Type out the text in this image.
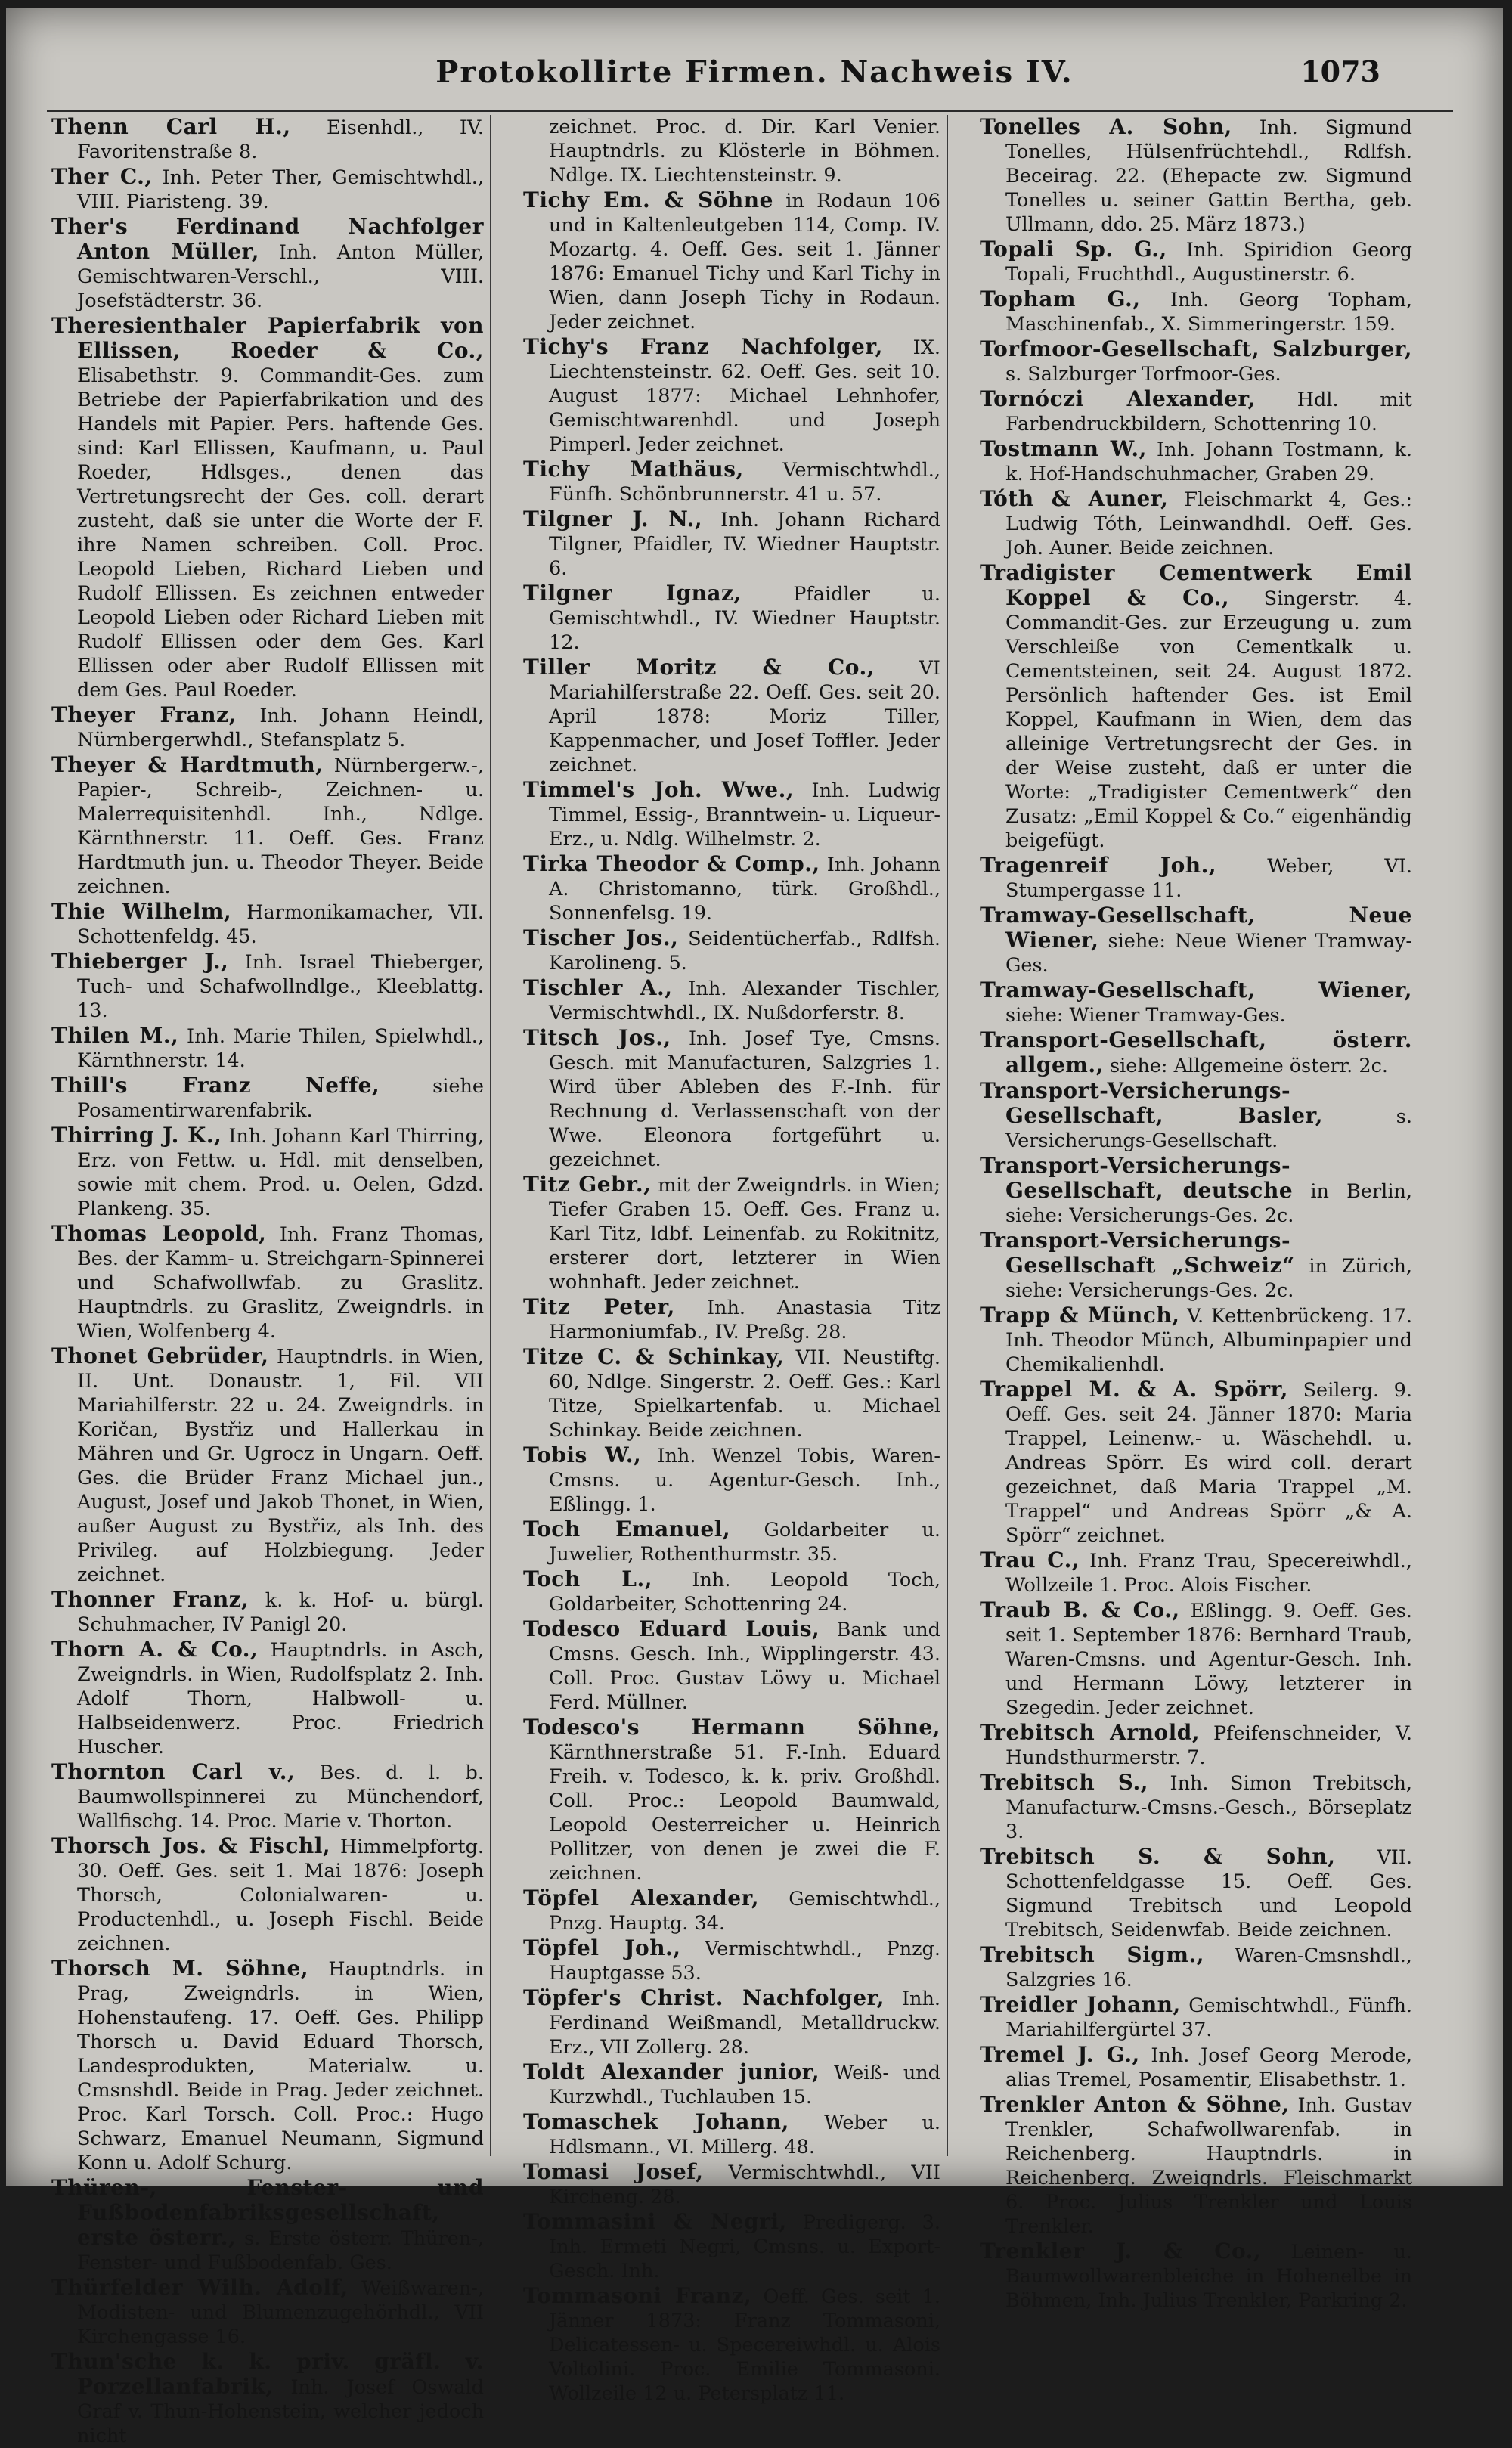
Protokollirte Firmen. Nachweis IV.	1073

Thenn Carl H., Eisenhdl., IV. Favoritenstraße 8.

Ther C., Inh. Peter Ther, Gemischtwhdl., VIII. Piaristeng. 39.

Ther's Ferdinand Nachfolger Anton Müller, Inh. Anton Müller, Gemischtwaren-Verschl., VIII. Josefstädterstr. 36.

Theresienthaler Papierfabrik von Ellissen, Roeder & Co., Elisabethstr. 9. Commandit-Ges. zum Betriebe der Papierfabrikation und des Handels mit Papier. Pers. haftende Ges. sind: Karl Ellissen, Kaufmann, u. Paul Roeder, Hdlsges., denen das Vertretungsrecht der Ges. coll. derart zusteht, daß sie unter die Worte der F. ihre Namen schreiben. Coll. Proc. Leopold Lieben, Richard Lieben und Rudolf Ellissen. Es zeichnen entweder Leopold Lieben oder Richard Lieben mit Rudolf Ellissen oder dem Ges. Karl Ellissen oder aber Rudolf Ellissen mit dem Ges. Paul Roeder.

Theyer Franz, Inh. Johann Heindl, Nürnbergerwhdl., Stefansplatz 5.

Theyer & Hardtmuth, Nürnbergerw.-, Papier-, Schreib-, Zeichnen- u. Malerrequisitenhdl. Inh., Ndlge. Kärnthnerstr. 11. Oeff. Ges. Franz Hardtmuth jun. u. Theodor Theyer. Beide zeichnen.

Thie Wilhelm, Harmonikamacher, VII. Schottenfeldg. 45.

Thieberger J., Inh. Israel Thieberger, Tuch- und Schafwollndlge., Kleeblattg. 13.

Thilen M., Inh. Marie Thilen, Spielwhdl., Kärnthnerstr. 14.

Thill's Franz Neffe,	siehe Posamentirwarenfabrik.

Thirring J. K., Inh. Johann Karl Thirring, Erz. von Fettw. u. Hdl. mit denselben, sowie mit chem. Prod. u. Oelen, Gdzd. Plankeng. 35.

Thomas Leopold, Inh. Franz Thomas, Bes. der Kamm- u. Streichgarn-Spinnerei und Schafwollwfab. zu Graslitz. Hauptndrls. zu Graslitz, Zweigndrls. in Wien, Wolfenberg 4.

Thonet Gebrüder, Hauptndrls. in Wien, II. Unt. Donaustr. 1, Fil. VII Mariahilferstr. 22 u. 24. Zweigndrls. in Koričan, Bystřiz und Hallerkau in Mähren und Gr. Ugrocz in Ungarn. Oeff. Ges. die Brüder Franz Michael jun., August, Josef und Jakob Thonet, in Wien, außer August zu Bystřiz, als Inh. des Privileg. auf Holzbiegung. Jeder zeichnet.

Thonner Franz, k. k. Hof- u. bürgl. Schuhmacher, IV Panigl 20.

Thorn A. & Co., Hauptndrls. in Asch, Zweigndrls. in Wien, Rudolfsplatz 2. Inh. Adolf Thorn, Halbwoll- u. Halbseidenwerz. Proc. Friedrich Huscher.

Thornton Carl v., Bes. d. l. b. Baumwollspinnerei zu Münchendorf, Wallfischg. 14. Proc. Marie v. Thorton.

Thorsch Jos. & Fischl, Himmelpfortg. 30. Oeff. Ges. seit 1. Mai 1876: Joseph Thorsch, Colonialwaren- u. Productenhdl., u. Joseph Fischl. Beide zeichnen.

Thorsch M. Söhne, Hauptndrls. in Prag, Zweigndrls. in Wien, Hohenstaufeng. 17. Oeff. Ges. Philipp Thorsch u. David Eduard Thorsch, Landesprodukten, Materialw. u. Cmsnshdl. Beide in Prag. Jeder zeichnet. Proc. Karl Torsch. Coll. Proc.: Hugo Schwarz, Emanuel Neumann, Sigmund Konn u. Adolf Schurg.

Thüren-, Fenster- und Fußbodenfabriksgesellschaft, erste österr., s. Erste österr. Thüren-, Fenster- und Fußbodenfab. Ges.

Thürfelder Wilh. Adolf, Weißwaren-, Modisten- und Blumenzugehörhdl., VII Kirchengasse 16.

Thun'sche k. k. priv. gräfl. v. Porzellanfabrik, Inh. Josef Oswald Graf v. Thun-Hohenstein, welcher jedoch nicht

zeichnet. Proc. d. Dir. Karl Venier. Hauptndrls. zu Klösterle in Böhmen. Ndlge. IX. Liechtensteinstr. 9.

Tichy Em. & Söhne in Rodaun 106 und in Kaltenleutgeben 114, Comp. IV. Mozartg. 4. Oeff. Ges. seit 1. Jänner 1876: Emanuel Tichy und Karl Tichy in Wien, dann Joseph Tichy in Rodaun. Jeder zeichnet.

Tichy's Franz Nachfolger, IX. Liechtensteinstr. 62. Oeff. Ges. seit 10. August 1877: Michael Lehnhofer, Gemischtwarenhdl. und Joseph Pimperl. Jeder zeichnet.

Tichy Mathäus, Vermischtwhdl., Fünfh. Schönbrunnerstr. 41 u. 57.

Tilgner J. N., Inh. Johann Richard Tilgner, Pfaidler, IV. Wiedner Hauptstr. 6.

Tilgner Ignaz,	Pfaidler u. Gemischtwhdl., IV. Wiedner Hauptstr. 12.

Tiller Moritz & Co., VI Mariahilferstraße 22. Oeff. Ges. seit 20. April 1878: Moriz Tiller, Kappenmacher, und Josef Toffler. Jeder zeichnet.

Timmel's Joh. Wwe., Inh. Ludwig Timmel, Essig-, Branntwein- u. Liqueur-Erz., u. Ndlg. Wilhelmstr. 2.

Tirka Theodor & Comp., Inh. Johann A. Christomanno, türk. Großhdl., Sonnenfelsg. 19.

Tischer Jos., Seidentücherfab., Rdlfsh. Karolineng. 5.

Tischler A., Inh. Alexander Tischler, Vermischtwhdl., IX. Nußdorferstr. 8.

Titsch Jos., Inh. Josef Tye, Cmsns. Gesch. mit Manufacturen, Salzgries 1. Wird über Ableben des F.-Inh. für Rechnung d. Verlassenschaft von der Wwe. Eleonora fortgeführt u. gezeichnet.

Titz Gebr., mit der Zweigndrls. in Wien; Tiefer Graben 15. Oeff. Ges. Franz u. Karl Titz, ldbf. Leinenfab. zu Rokitnitz, ersterer dort, letzterer in Wien wohnhaft. Jeder zeichnet.

Titz Peter, Inh. Anastasia Titz Harmoniumfab., IV. Preßg. 28.

Titze C. & Schinkay, VII. Neustiftg. 60, Ndlge. Singerstr. 2. Oeff. Ges.: Karl Titze, Spielkartenfab. u. Michael Schinkay. Beide zeichnen.

Tobis W., Inh. Wenzel Tobis, Waren-Cmsns. u. Agentur-Gesch. Inh., Eßlingg. 1.

Toch Emanuel, Goldarbeiter u. Juwelier, Rothenthurmstr. 35.

Toch L., Inh. Leopold Toch, Goldarbeiter, Schottenring 24.

Todesco Eduard Louis, Bank und Cmsns. Gesch. Inh., Wipplingerstr. 43. Coll. Proc. Gustav Löwy u. Michael Ferd. Müllner.

Todesco's Hermann Söhne, Kärnthnerstraße 51. F.-Inh. Eduard Freih. v. Todesco, k. k. priv. Großhdl. Coll. Proc.: Leopold Baumwald, Leopold Oesterreicher u. Heinrich Pollitzer, von denen je zwei die F. zeichnen.

Töpfel Alexander, Gemischtwhdl., Pnzg. Hauptg. 34.

Töpfel Joh., Vermischtwhdl., Pnzg. Hauptgasse 53.

Töpfer's Christ. Nachfolger, Inh. Ferdinand Weißmandl, Metalldruckw. Erz., VII Zollerg. 28.

Toldt Alexander junior, Weiß- und Kurzwhdl., Tuchlauben 15.

Tomaschek Johann, Weber u. Hdlsmann., VI. Millerg. 48.

Tomasi Josef, Vermischtwhdl., VII Kircheng. 28.

Tommasini & Negri, Predigerg. 3. Inh. Ermeti Negri, Cmsns. u. Export-Gesch. Inh.

Tommasoni Franz, Oeff. Ges. seit 1. Jänner 1873: Franz Tommasoni, Delicatessen- u. Specereiwhdl. u. Alois Voltolini. Proc. Emilie Tommasoni. Wollzeile 12 u. Petersplatz 11.

Tonelles A. Sohn, Inh. Sigmund Tonelles, Hülsenfrüchtehdl., Rdlfsh. Beceirag. 22. (Ehepacte zw. Sigmund Tonelles u. seiner Gattin Bertha, geb. Ullmann, ddo. 25. März 1873.)

Topali Sp. G., Inh. Spiridion Georg Topali, Fruchthdl., Augustinerstr. 6.

Topham G., Inh. Georg Topham, Maschinenfab., X. Simmeringerstr. 159.

Torfmoor-Gesellschaft, Salzburger, s. Salzburger Torfmoor-Ges.

Tornóczi Alexander, Hdl. mit Farbendruckbildern, Schottenring 10.

Tostmann W., Inh. Johann Tostmann, k. k. Hof-Handschuhmacher, Graben 29.

Tóth & Auner, Fleischmarkt 4, Ges.: Ludwig Tóth, Leinwandhdl. Oeff. Ges. Joh. Auner. Beide zeichnen.

Tradigister Cementwerk Emil Koppel & Co., Singerstr. 4. Commandit-Ges. zur Erzeugung u. zum Verschleiße von Cementkalk u. Cementsteinen, seit 24. August 1872. Persönlich haftender Ges. ist Emil Koppel, Kaufmann in Wien, dem das alleinige Vertretungsrecht der Ges. in der Weise zusteht, daß er unter die Worte: „Tradigister Cementwerk“ den Zusatz: „Emil Koppel & Co.“ eigenhändig beigefügt.

Tragenreif Joh.,	Weber, VI. Stumpergasse 11.

Tramway-Gesellschaft, Neue Wiener, siehe: Neue Wiener Tramway-Ges.

Tramway-Gesellschaft, Wiener, siehe: Wiener Tramway-Ges.

Transport-Gesellschaft, österr. allgem., siehe: Allgemeine österr. 2c.

Transport-Versicherungs-Gesellschaft, Basler,	s. Versicherungs-Gesellschaft.

Transport-Versicherungs-Gesellschaft, deutsche in Berlin, siehe: Versicherungs-Ges. 2c.

Transport-Versicherungs-Gesellschaft „Schweiz“ in Zürich, siehe: Versicherungs-Ges. 2c.

Trapp & Münch, V. Kettenbrückeng. 17. Inh. Theodor Münch, Albuminpapier und Chemikalienhdl.

Trappel M. & A. Spörr, Seilerg. 9. Oeff. Ges. seit 24. Jänner 1870: Maria Trappel, Leinenw.- u. Wäschehdl. u. Andreas Spörr. Es wird coll. derart gezeichnet, daß Maria Trappel „M. Trappel“ und Andreas Spörr „& A. Spörr“ zeichnet.

Trau C., Inh. Franz Trau, Specereiwhdl., Wollzeile 1. Proc. Alois Fischer.

Traub B. & Co., Eßlingg. 9. Oeff. Ges. seit 1. September 1876: Bernhard Traub, Waren-Cmsns. und Agentur-Gesch. Inh. und Hermann Löwy, letzterer in Szegedin. Jeder zeichnet.

Trebitsch Arnold, Pfeifenschneider, V. Hundsthurmerstr. 7.

Trebitsch S., Inh. Simon Trebitsch, Manufacturw.-Cmsns.-Gesch., Börseplatz 3.

Trebitsch S. & Sohn, VII. Schottenfeldgasse 15. Oeff. Ges. Sigmund Trebitsch und Leopold Trebitsch, Seidenwfab. Beide zeichnen.

Trebitsch Sigm., Waren-Cmsnshdl., Salzgries 16.

Treidler Johann, Gemischtwhdl., Fünfh. Mariahilfergürtel 37.

Tremel J. G., Inh. Josef Georg Merode, alias Tremel, Posamentir, Elisabethstr. 1.

Trenkler Anton & Söhne, Inh. Gustav Trenkler, Schafwollwarenfab. in Reichenberg. Hauptndrls. in Reichenberg. Zweigndrls. Fleischmarkt 6. Proc. Julius Trenkler und Louis Trenkler.

Trenkler J. & Co., Leinen- u. Baumwollwarenbleiche in Hohenelbe in Böhmen, Inh. Julius Trenkler, Parkring 2.
